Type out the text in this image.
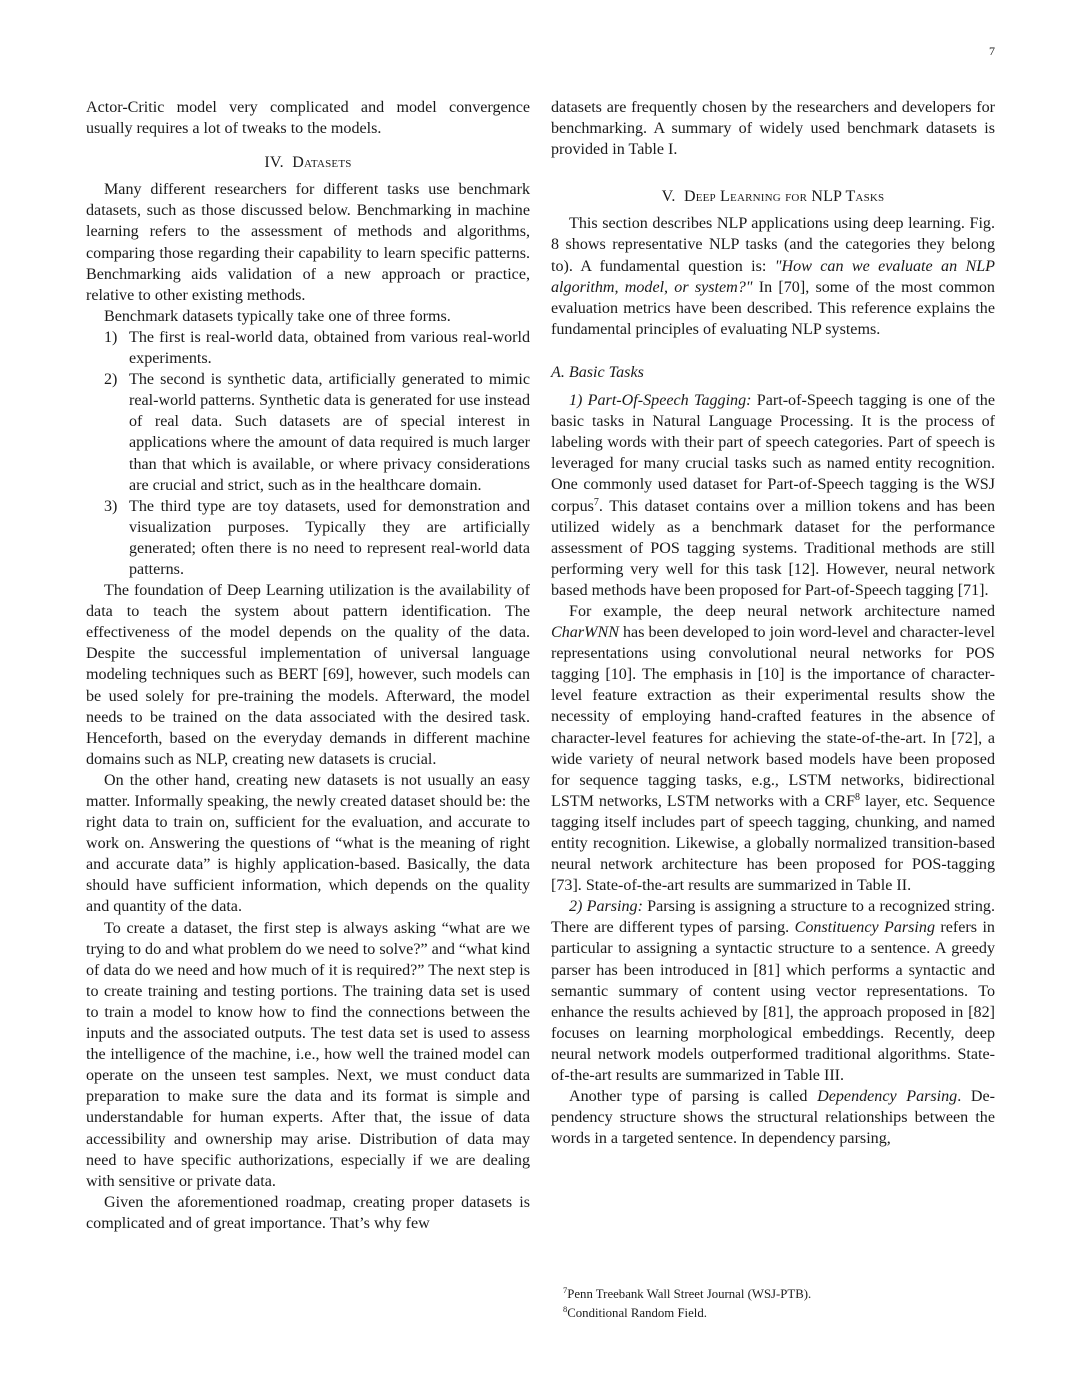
7

Actor-Critic model very complicated and model convergence usually requires a lot of tweaks to the models.

IV. Datasets

Many different researchers for different tasks use benchmark datasets, such as those discussed below. Benchmarking in machine learning refers to the assessment of methods and algorithms, comparing those regarding their capability to learn specific patterns. Benchmarking aids validation of a new approach or practice, relative to other existing methods.

Benchmark datasets typically take one of three forms.

1) The first is real-world data, obtained from various real-world experiments.
2) The second is synthetic data, artificially generated to mimic real-world patterns. Synthetic data is generated for use instead of real data. Such datasets are of special interest in applications where the amount of data required is much larger than that which is available, or where privacy considerations are crucial and strict, such as in the healthcare domain.
3) The third type are toy datasets, used for demonstration and visualization purposes. Typically they are artificially generated; often there is no need to represent real-world data patterns.

The foundation of Deep Learning utilization is the availability of data to teach the system about pattern identification. The effectiveness of the model depends on the quality of the data. Despite the successful implementation of universal language modeling techniques such as BERT [69], however, such models can be used solely for pre-training the models. Afterward, the model needs to be trained on the data associated with the desired task. Henceforth, based on the everyday demands in different machine domains such as NLP, creating new datasets is crucial.

On the other hand, creating new datasets is not usually an easy matter. Informally speaking, the newly created dataset should be: the right data to train on, sufficient for the evaluation, and accurate to work on. Answering the questions of “what is the meaning of right and accurate data” is highly application-based. Basically, the data should have sufficient information, which depends on the quality and quantity of the data.

To create a dataset, the first step is always asking “what are we trying to do and what problem do we need to solve?” and “what kind of data do we need and how much of it is required?” The next step is to create training and testing portions. The training data set is used to train a model to know how to find the connections between the inputs and the associated outputs. The test data set is used to assess the intelligence of the machine, i.e., how well the trained model can operate on the unseen test samples. Next, we must conduct data preparation to make sure the data and its format is simple and understandable for human experts. After that, the issue of data accessibility and ownership may arise. Distribution of data may need to have specific authorizations, especially if we are dealing with sensitive or private data.

Given the aforementioned roadmap, creating proper datasets is complicated and of great importance. That’s why few

datasets are frequently chosen by the researchers and developers for benchmarking. A summary of widely used benchmark datasets is provided in Table I.

V. Deep Learning for NLP Tasks

This section describes NLP applications using deep learning. Fig. 8 shows representative NLP tasks (and the categories they belong to). A fundamental question is: "How can we evaluate an NLP algorithm, model, or system?" In [70], some of the most common evaluation metrics have been described. This reference explains the fundamental principles of evaluating NLP systems.

A. Basic Tasks

1) Part-Of-Speech Tagging: Part-of-Speech tagging is one of the basic tasks in Natural Language Processing. It is the process of labeling words with their part of speech categories. Part of speech is leveraged for many crucial tasks such as named entity recognition. One commonly used dataset for Part-of-Speech tagging is the WSJ corpus$^7$. This dataset contains over a million tokens and has been utilized widely as a benchmark dataset for the performance assessment of POS tagging systems. Traditional methods are still performing very well for this task [12]. However, neural network based methods have been proposed for Part-of-Speech tagging [71].

For example, the deep neural network architecture named CharWNN has been developed to join word-level and character-level representations using convolutional neural networks for POS tagging [10]. The emphasis in [10] is the importance of character-level feature extraction as their experimental results show the necessity of employing hand-crafted features in the absence of character-level features for achieving the state-of-the-art. In [72], a wide variety of neural network based models have been proposed for sequence tagging tasks, e.g., LSTM networks, bidirectional LSTM networks, LSTM networks with a CRF$^8$ layer, etc. Sequence tagging itself includes part of speech tagging, chunking, and named entity recognition. Likewise, a globally normalized transition-based neural network architecture has been proposed for POS-tagging [73]. State-of-the-art results are summarized in Table II.

2) Parsing: Parsing is assigning a structure to a recognized string. There are different types of parsing. Constituency Parsing refers in particular to assigning a syntactic structure to a sentence. A greedy parser has been introduced in [81] which performs a syntactic and semantic summary of content using vector representations. To enhance the results achieved by [81], the approach proposed in [82] focuses on learning morphological embeddings. Recently, deep neural network models outperformed traditional algorithms. State-of-the-art results are summarized in Table III.

Another type of parsing is called Dependency Parsing. Dependency structure shows the structural relationships between the words in a targeted sentence. In dependency parsing,

$^7$Penn Treebank Wall Street Journal (WSJ-PTB).

$^8$Conditional Random Field.
